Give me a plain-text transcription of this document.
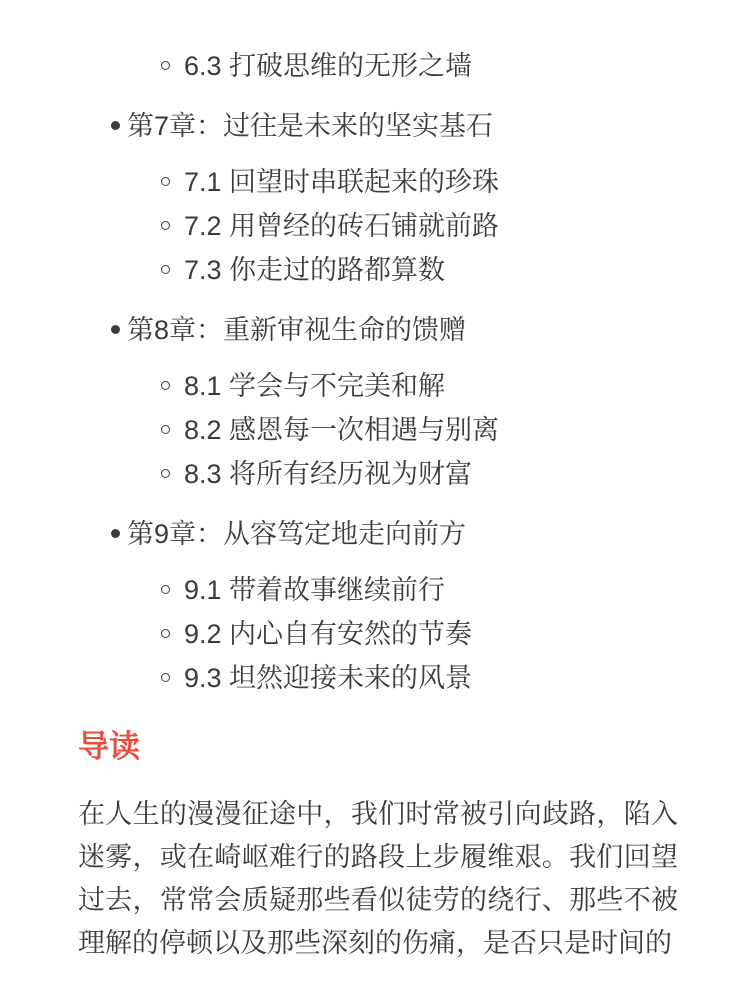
6.3 打破思维的无形之墙
第7章：过往是未来的坚实基石
7.1 回望时串联起来的珍珠
7.2 用曾经的砖石铺就前路
7.3 你走过的路都算数
第8章：重新审视生命的馈赠
8.1 学会与不完美和解
8.2 感恩每一次相遇与别离
8.3 将所有经历视为财富
第9章：从容笃定地走向前方
9.1 带着故事继续前行
9.2 内心自有安然的节奏
9.3 坦然迎接未来的风景
导读

在人生的漫漫征途中，我们时常被引向歧路，陷入迷雾，或在崎岖难行的路段上步履维艰。我们回望过去，常常会质疑那些看似徒劳的绕行、那些不被理解的停顿以及那些深刻的伤痛，是否只是时间的
